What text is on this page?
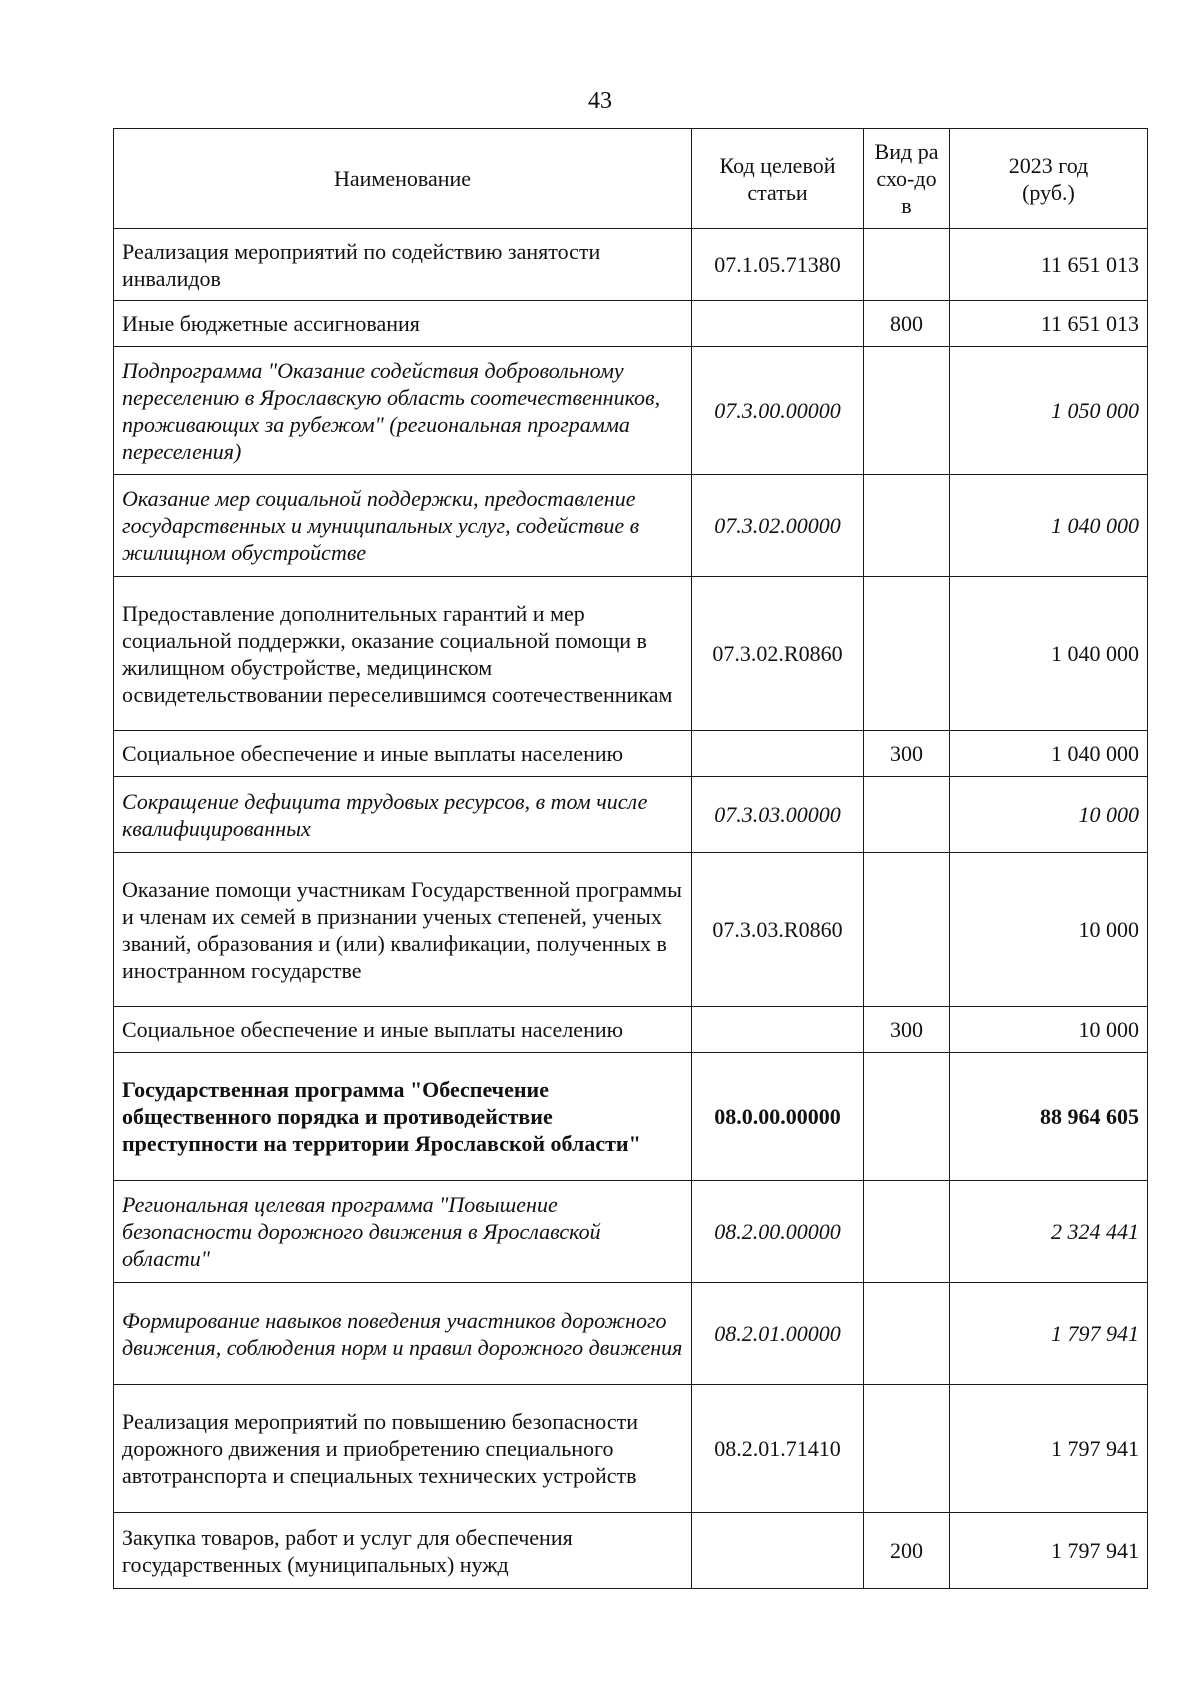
43
Наименование	Код целевой статьи	Вид расхо-дов	2023 год (руб.)
Реализация мероприятий по содействию занятости инвалидов	07.1.05.71380		11 651 013
Иные бюджетные ассигнования		800	11 651 013
Подпрограмма "Оказание содействия добровольному переселению в Ярославскую область соотечественников, проживающих за рубежом" (региональная программа переселения)	07.3.00.00000		1 050 000
Оказание мер социальной поддержки, предоставление государственных и муниципальных услуг, содействие в жилищном обустройстве	07.3.02.00000		1 040 000
Предоставление дополнительных гарантий и мер социальной поддержки, оказание социальной помощи в жилищном обустройстве, медицинском освидетельствовании переселившимся соотечественникам	07.3.02.R0860		1 040 000
Социальное обеспечение и иные выплаты населению		300	1 040 000
Сокращение дефицита трудовых ресурсов, в том числе квалифицированных	07.3.03.00000		10 000
Оказание помощи участникам Государственной программы и членам их семей в признании ученых степеней, ученых званий, образования и (или) квалификации, полученных в иностранном государстве	07.3.03.R0860		10 000
Социальное обеспечение и иные выплаты населению		300	10 000
Государственная программа "Обеспечение общественного порядка и противодействие преступности на территории Ярославской области"	08.0.00.00000		88 964 605
Региональная целевая программа "Повышение безопасности дорожного движения в Ярославской области"	08.2.00.00000		2 324 441
Формирование навыков поведения участников дорожного движения, соблюдения норм и правил дорожного движения	08.2.01.00000		1 797 941
Реализация мероприятий по повышению безопасности дорожного движения и приобретению специального автотранспорта и специальных технических устройств	08.2.01.71410		1 797 941
Закупка товаров, работ и услуг для обеспечения государственных (муниципальных) нужд		200	1 797 941
